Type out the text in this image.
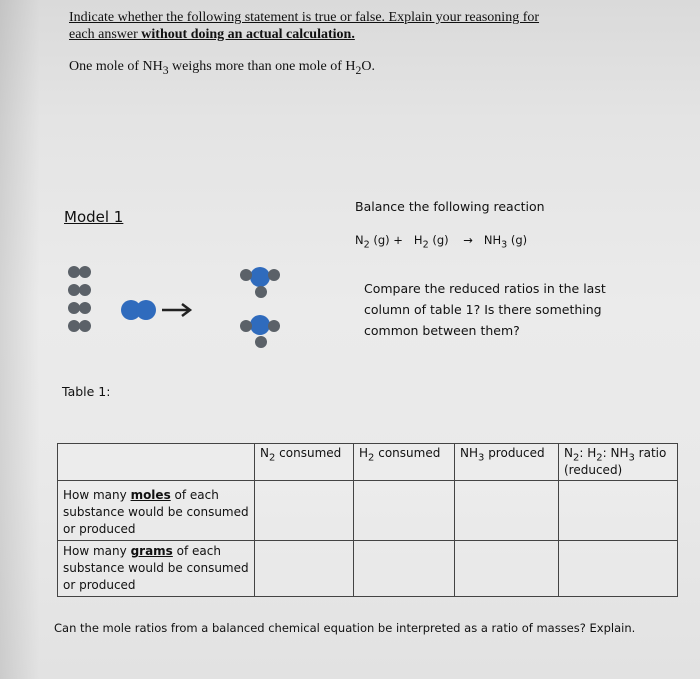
Indicate whether the following statement is true or false. Explain your reasoning for
each answer without doing an actual calculation.
One mole of $NH_3$ weighs more than one mole of $H_2O$.
Model 1
Balance the following reaction
$N_2$ $(g) + H_2$ $(g) \to NH_3$ (g)
Compare the reduced ratios in the last column of table 1? Is there something common between them?
Table 1:
	$N_2$ consumed	$H_2$ consumed	$NH_3$ produced	$N_2$: $H_2$: $NH_3$ ratio
(reduced)
How many moles of each substance would be consumed or produced				
How many grams of each substance would be consumed or produced				
Can the mole ratios from a balanced chemical equation be interpreted as a ratio of masses? Explain.
